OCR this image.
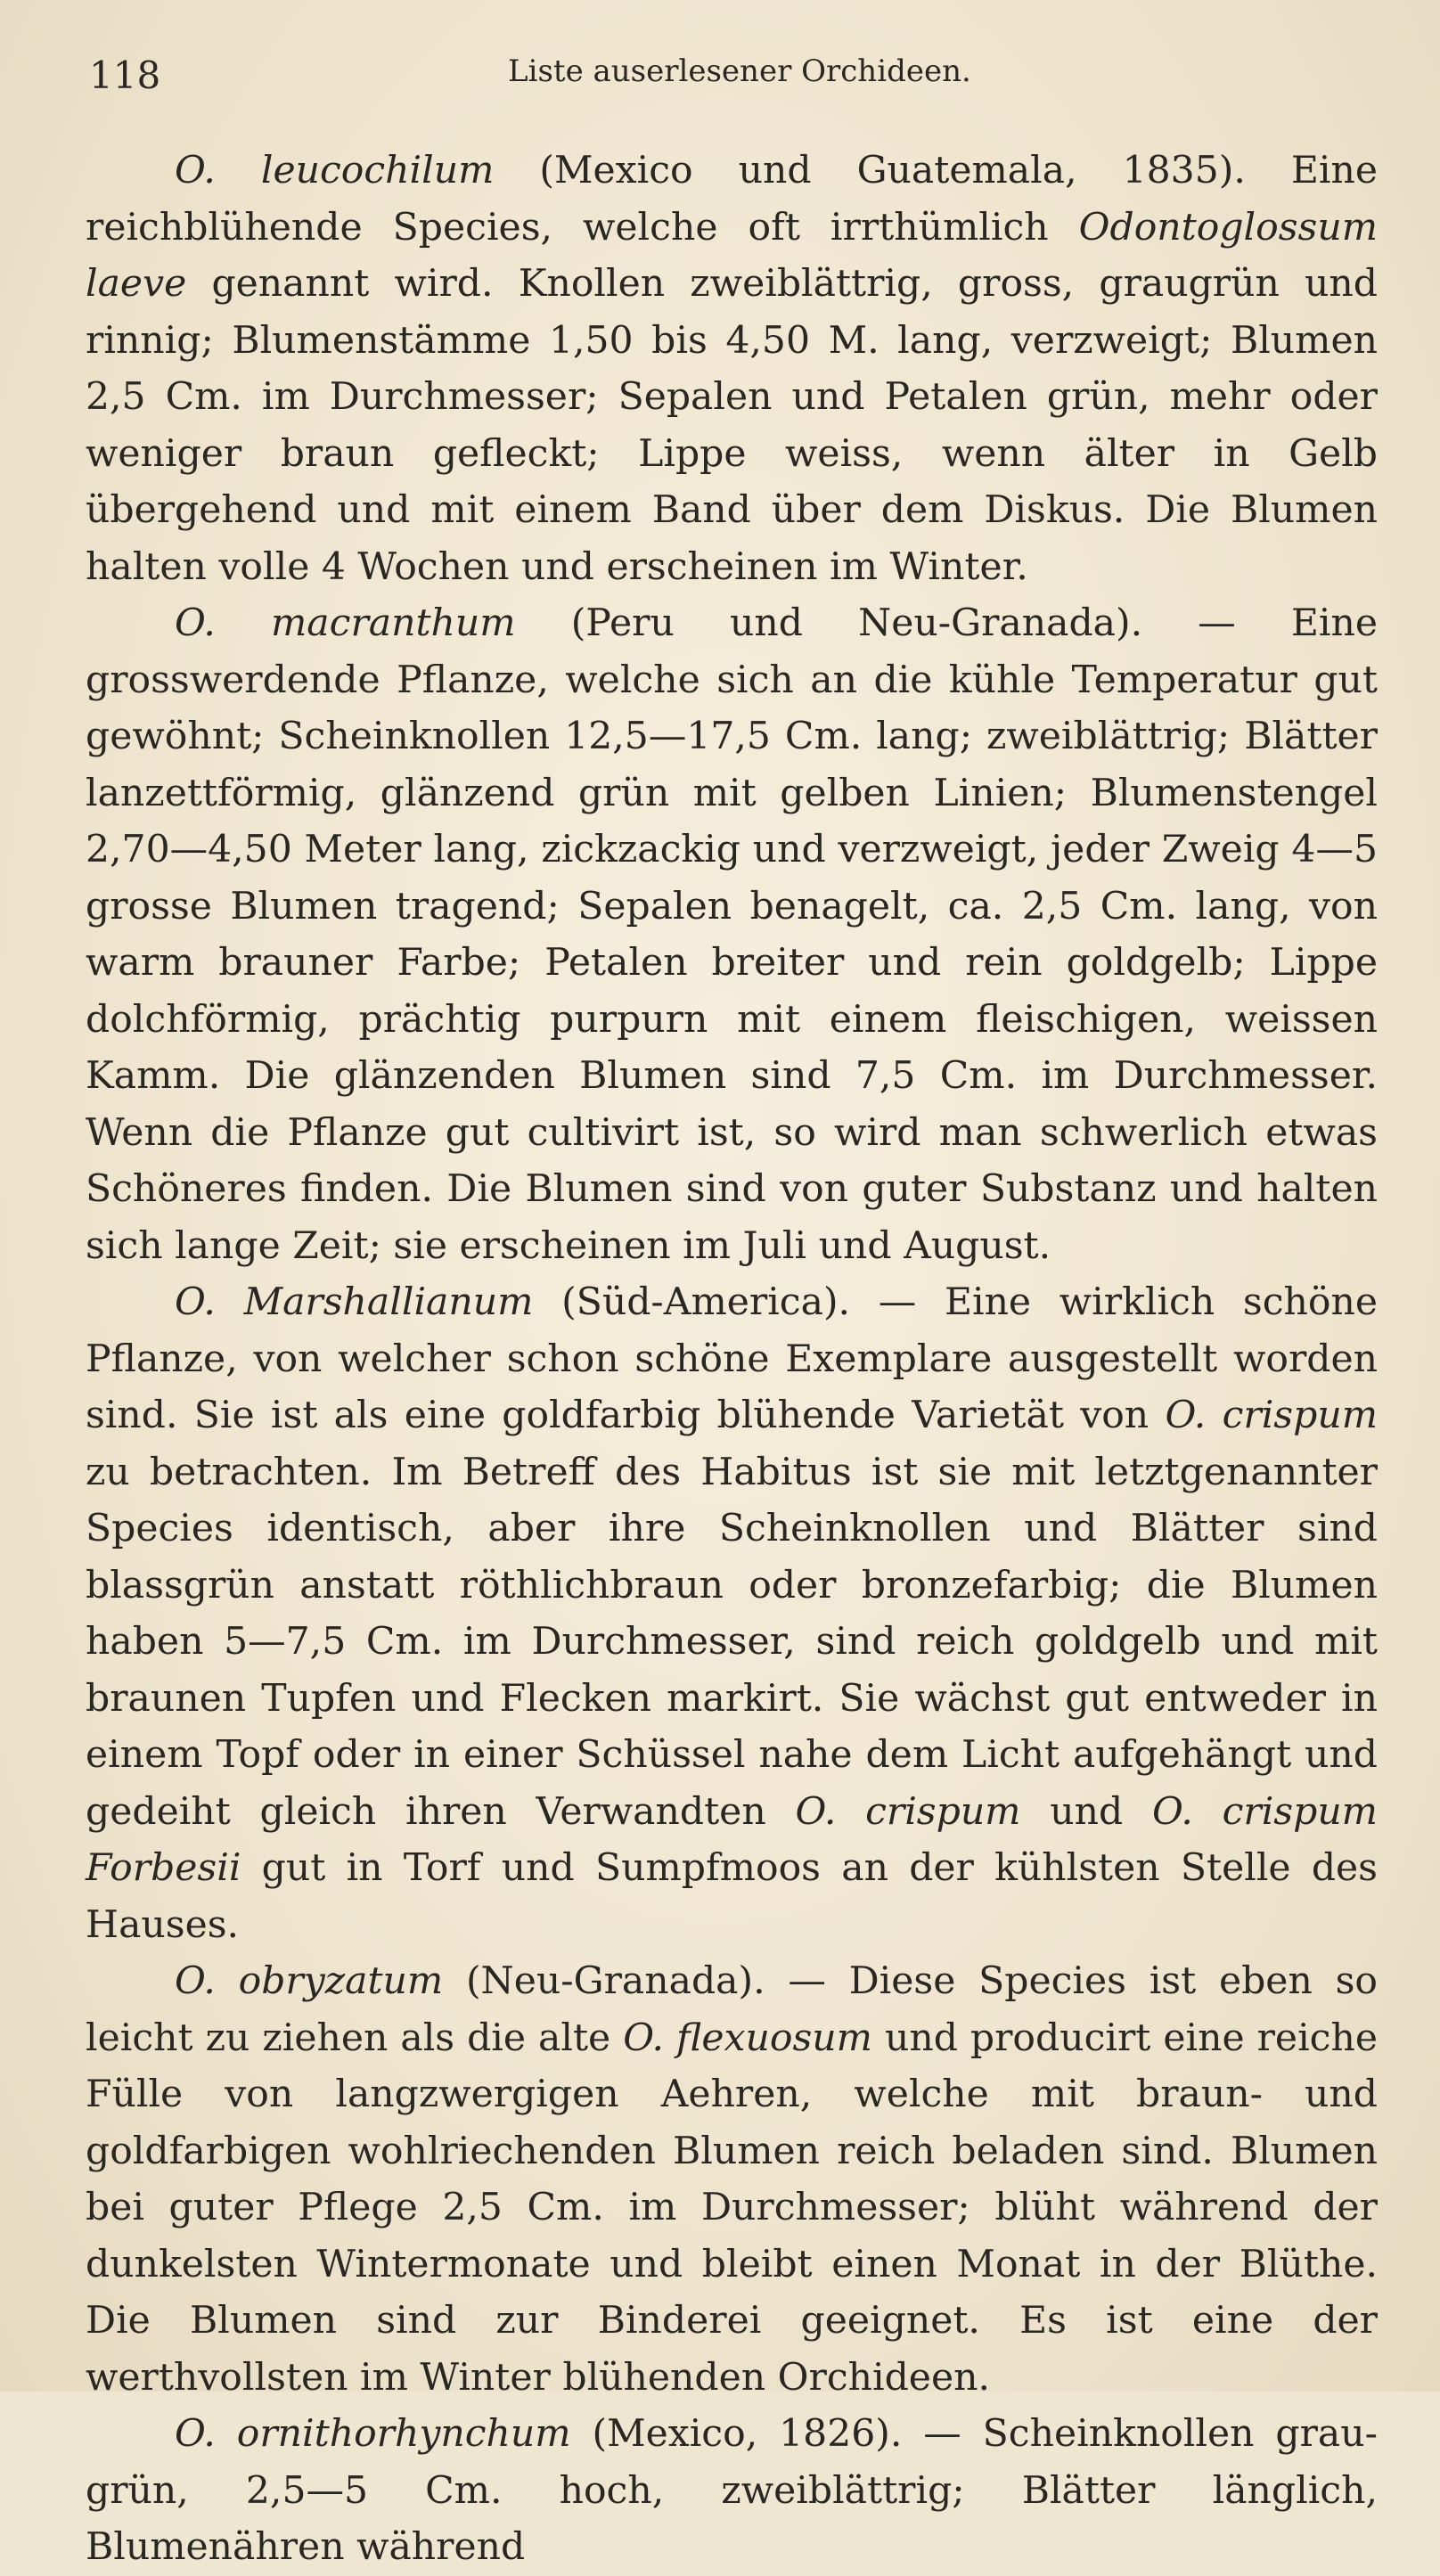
118	Liste auserlesener Orchideen.

O. leucochilum (Mexico und Guatemala, 1835). Eine reichblühende Species, welche oft irrthümlich Odontoglossum laeve genannt wird. Knollen zweiblättrig, gross, graugrün und rinnig; Blumenstämme 1,50 bis 4,50 M. lang, verzweigt; Blumen 2,5 Cm. im Durchmesser; Sepalen und Petalen grün, mehr oder weniger braun gefleckt; Lippe weiss, wenn älter in Gelb übergehend und mit einem Band über dem Diskus. Die Blumen halten volle 4 Wochen und erscheinen im Winter.

O. macranthum (Peru und Neu-Granada). — Eine grosswerdende Pflanze, welche sich an die kühle Temperatur gut gewöhnt; Scheinknollen 12,5—17,5 Cm. lang; zweiblättrig; Blätter lanzettförmig, glänzend grün mit gelben Linien; Blumenstengel 2,70—4,50 Meter lang, zickzackig und verzweigt, jeder Zweig 4—5 grosse Blumen tragend; Sepalen benagelt, ca. 2,5 Cm. lang, von warm brauner Farbe; Petalen breiter und rein goldgelb; Lippe dolchförmig, prächtig purpurn mit einem fleischigen, weissen Kamm. Die glänzenden Blumen sind 7,5 Cm. im Durchmesser. Wenn die Pflanze gut cultivirt ist, so wird man schwerlich etwas Schöneres finden. Die Blumen sind von guter Substanz und halten sich lange Zeit; sie erscheinen im Juli und August.

O. Marshallianum (Süd-America). — Eine wirklich schöne Pflanze, von welcher schon schöne Exemplare ausgestellt worden sind. Sie ist als eine goldfarbig blühende Varietät von O. crispum zu betrachten. Im Betreff des Habitus ist sie mit letztgenannter Species identisch, aber ihre Scheinknollen und Blätter sind blassgrün anstatt röthlichbraun oder bronzefarbig; die Blumen haben 5—7,5 Cm. im Durchmesser, sind reich goldgelb und mit braunen Tupfen und Flecken markirt. Sie wächst gut entweder in einem Topf oder in einer Schüssel nahe dem Licht aufgehängt und gedeiht gleich ihren Verwandten O. crispum und O. crispum Forbesii gut in Torf und Sumpfmoos an der kühlsten Stelle des Hauses.

O. obryzatum (Neu-Granada). — Diese Species ist eben so leicht zu ziehen als die alte O. flexuosum und producirt eine reiche Fülle von langzwergigen Aehren, welche mit braun- und goldfarbigen wohlriechenden Blumen reich beladen sind. Blumen bei guter Pflege 2,5 Cm. im Durchmesser; blüht während der dunkelsten Wintermonate und bleibt einen Monat in der Blüthe. Die Blumen sind zur Binderei geeignet. Es ist eine der werthvollsten im Winter blühenden Orchideen.

O. ornithorhynchum (Mexico, 1826). — Scheinknollen grau-grün, 2,5—5 Cm. hoch, zweiblättrig; Blätter länglich, Blumenähren während
